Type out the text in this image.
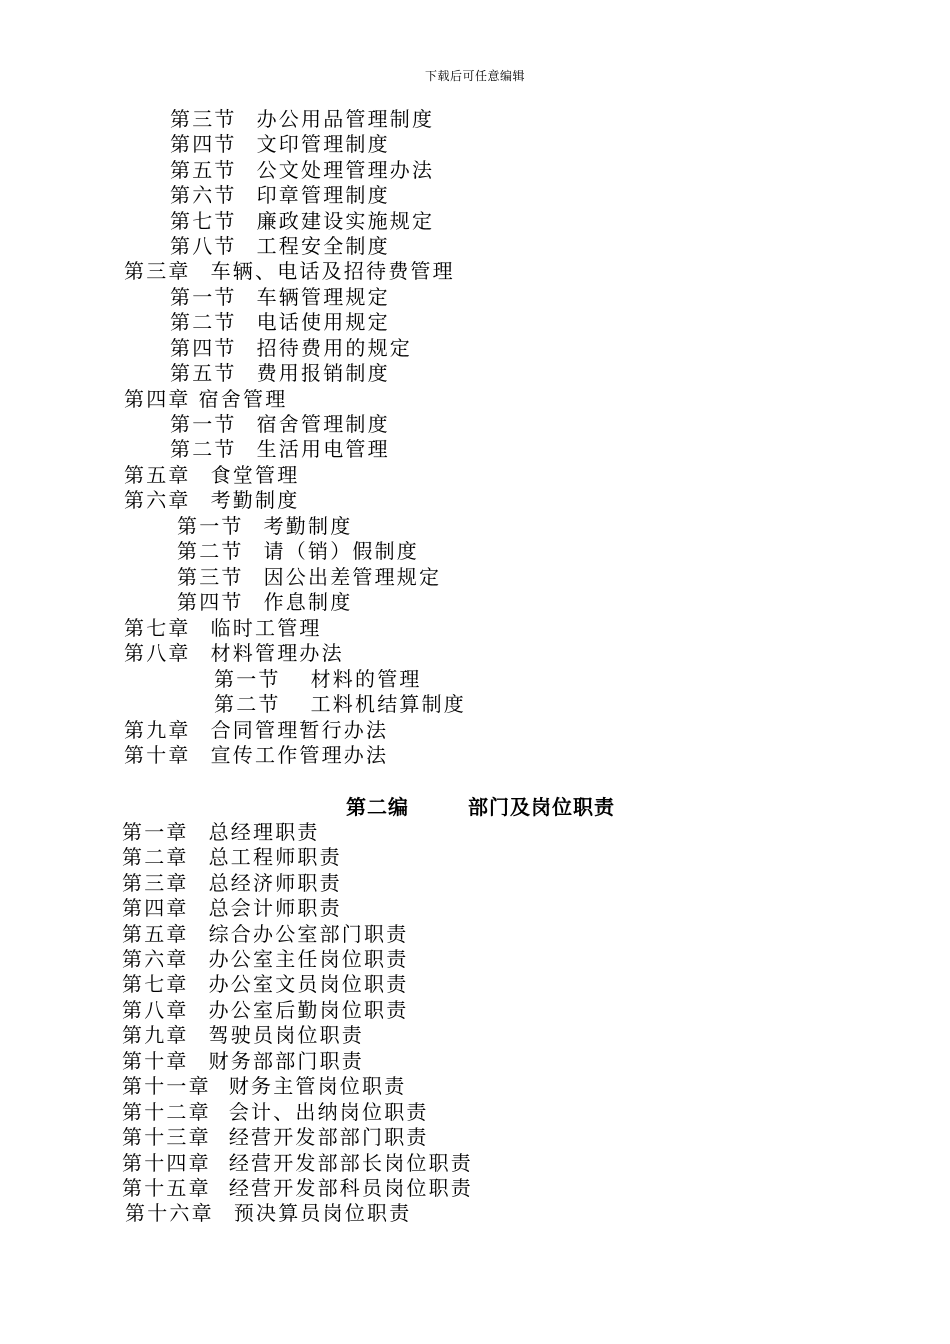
下载后可任意编辑
第三节 办公用品管理制度
第四节 文印管理制度
第五节 公文处理管理办法
第六节 印章管理制度
第七节 廉政建设实施规定
第八节 工程安全制度
第三章 车辆、电话及招待费管理
第一节 车辆管理规定
第二节 电话使用规定
第四节 招待费用的规定
第五节 费用报销制度
第四章 宿舍管理
第一节 宿舍管理制度
第二节 生活用电管理
第五章 食堂管理
第六章 考勤制度
第一节 考勤制度
第二节 请（销）假制度
第三节 因公出差管理规定
第四节 作息制度
第七章 临时工管理
第八章 材料管理办法
第一节 材料的管理
第二节 工料机结算制度
第九章 合同管理暂行办法
第十章 宣传工作管理办法
第二编	部门及岗位职责
第一章 总经理职责
第二章 总工程师职责
第三章 总经济师职责
第四章 总会计师职责
第五章 综合办公室部门职责
第六章 办公室主任岗位职责
第七章 办公室文员岗位职责
第八章 办公室后勤岗位职责
第九章 驾驶员岗位职责
第十章 财务部部门职责
第十一章 财务主管岗位职责
第十二章 会计、出纳岗位职责
第十三章 经营开发部部门职责
第十四章 经营开发部部长岗位职责
第十五章 经营开发部科员岗位职责
第十六章 预决算员岗位职责
